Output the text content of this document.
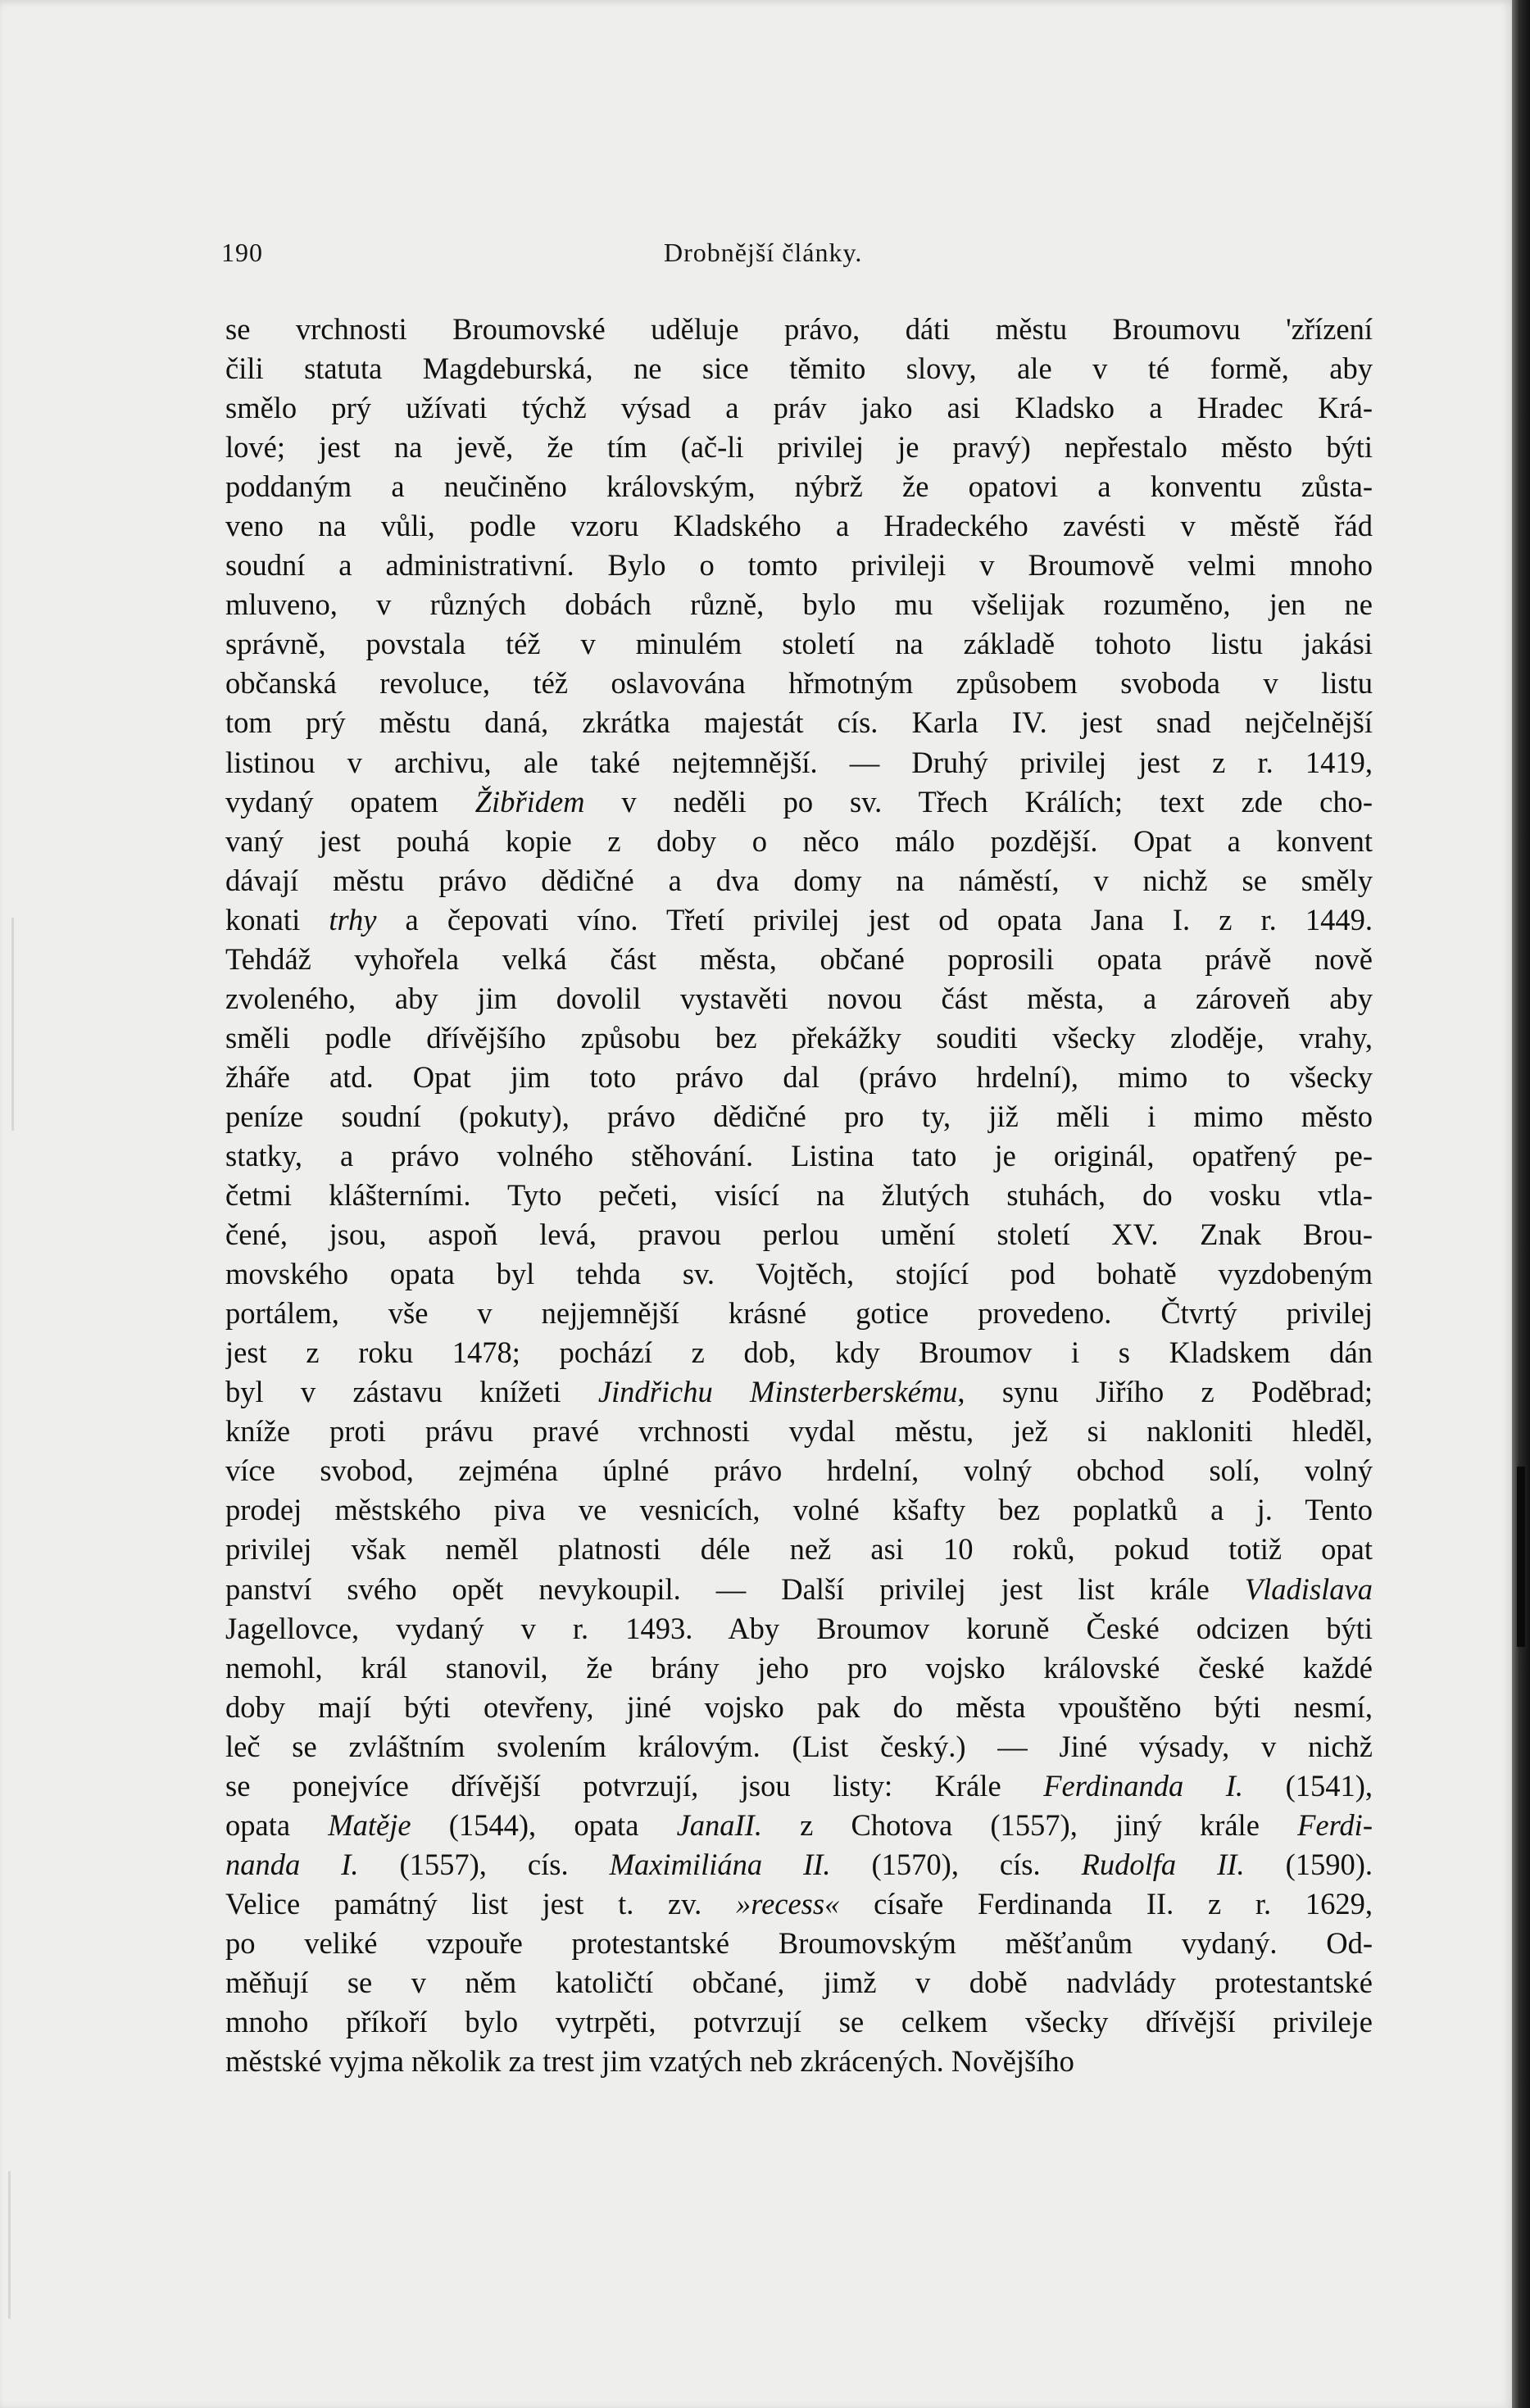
190	Drobnější články.
se vrchnosti Broumovské uděluje právo, dáti městu Broumovu 'zřízení
čili statuta Magdeburská, ne sice těmito slovy, ale v té formě, aby
smělo prý užívati týchž výsad a práv jako asi Kladsko a Hradec Krá-
lové; jest na jevě, že tím (ač-li privilej je pravý) nepřestalo město býti
poddaným a neučiněno královským, nýbrž že opatovi a konventu zůsta-
veno na vůli, podle vzoru Kladského a Hradeckého zavésti v městě řád
soudní a administrativní. Bylo o tomto privileji v Broumově velmi mnoho
mluveno, v různých dobách různě, bylo mu všelijak rozuměno, jen ne
správně, povstala též v minulém století na základě tohoto listu jakási
občanská revoluce, též oslavována hřmotným způsobem svoboda v listu
tom prý městu daná, zkrátka majestát cís. Karla IV. jest snad nejčelnější
listinou v archivu, ale také nejtemnější. — Druhý privilej jest z r. 1419,
vydaný opatem Žibřidem v neděli po sv. Třech Králích; text zde cho-
vaný jest pouhá kopie z doby o něco málo pozdější. Opat a konvent
dávají městu právo dědičné a dva domy na náměstí, v nichž se směly
konati trhy a čepovati víno. Třetí privilej jest od opata Jana I. z r. 1449.
Tehdáž vyhořela velká část města, občané poprosili opata právě nově
zvoleného, aby jim dovolil vystavěti novou část města, a zároveň aby
směli podle dřívějšího způsobu bez překážky souditi všecky zloděje, vrahy,
žháře atd. Opat jim toto právo dal (právo hrdelní), mimo to všecky
peníze soudní (pokuty), právo dědičné pro ty, již měli i mimo město
statky, a právo volného stěhování. Listina tato je originál, opatřený pe-
četmi klášterními. Tyto pečeti, visící na žlutých stuhách, do vosku vtla-
čené, jsou, aspoň levá, pravou perlou umění století XV. Znak Brou-
movského opata byl tehda sv. Vojtěch, stojící pod bohatě vyzdobeným
portálem, vše v nejjemnější krásné gotice provedeno. Čtvrtý privilej
jest z roku 1478; pochází z dob, kdy Broumov i s Kladskem dán
byl v zástavu knížeti Jindřichu Minsterberskému, synu Jiřího z Poděbrad;
kníže proti právu pravé vrchnosti vydal městu, jež si nakloniti hleděl,
více svobod, zejména úplné právo hrdelní, volný obchod solí, volný
prodej městského piva ve vesnicích, volné kšafty bez poplatků a j. Tento
privilej však neměl platnosti déle než asi 10 roků, pokud totiž opat
panství svého opět nevykoupil. — Další privilej jest list krále Vladislava
Jagellovce, vydaný v r. 1493. Aby Broumov koruně České odcizen býti
nemohl, král stanovil, že brány jeho pro vojsko královské české každé
doby mají býti otevřeny, jiné vojsko pak do města vpouštěno býti nesmí,
leč se zvláštním svolením královým. (List český.) — Jiné výsady, v nichž
se ponejvíce dřívější potvrzují, jsou listy: Krále Ferdinanda I. (1541),
opata Matěje (1544), opata JanaII. z Chotova (1557), jiný krále Ferdi-
nanda I. (1557), cís. Maximiliána II. (1570), cís. Rudolfa II. (1590).
Velice památný list jest t. zv. »recess« císaře Ferdinanda II. z r. 1629,
po veliké vzpouře protestantské Broumovským měšťanům vydaný. Od-
měňují se v něm katoličtí občané, jimž v době nadvlády protestantské
mnoho příkoří bylo vytrpěti, potvrzují se celkem všecky dřívější privileje
městské vyjma několik za trest jim vzatých neb zkrácených. Novějšího
